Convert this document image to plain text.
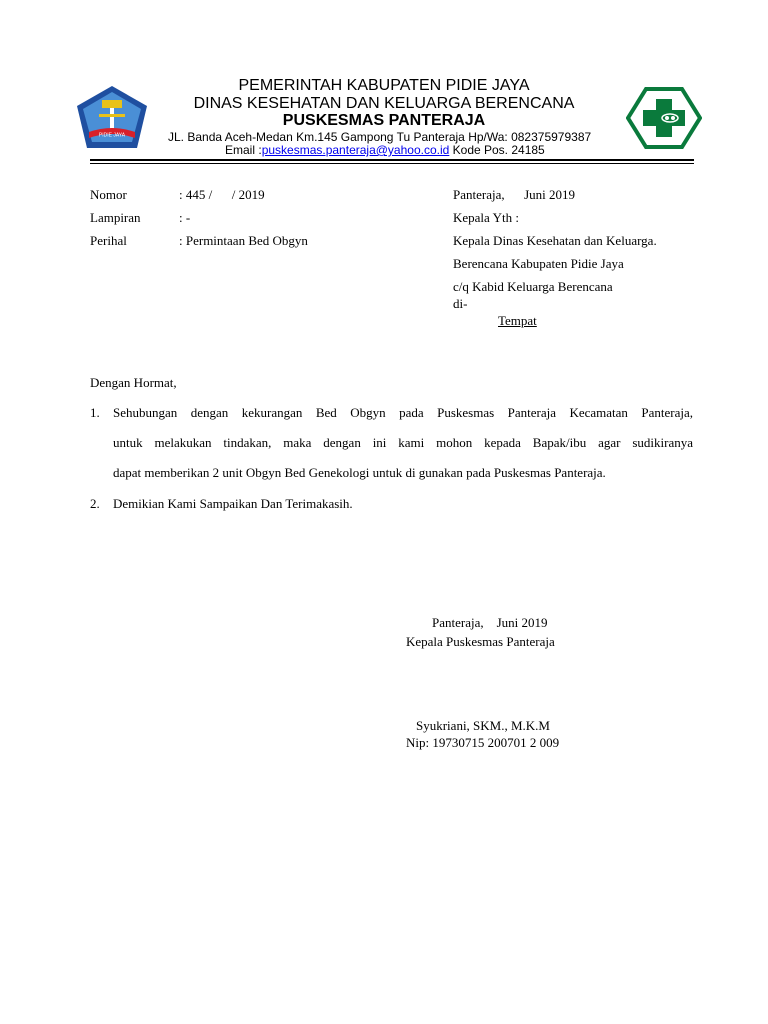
PIDIE JAYA
PEMERINTAH KABUPATEN PIDIE JAYA
DINAS KESEHATAN DAN KELUARGA BERENCANA
PUSKESMAS PANTERAJA
JL. Banda Aceh-Medan Km.145 Gampong Tu Panteraja Hp/Wa: 082375979387
Email :puskesmas.panteraja@yahoo.co.id Kode Pos. 24185
Nomor	: 445 /      / 2019
Lampiran	: -
Perihal	: Permintaan Bed Obgyn
Panteraja,      Juni 2019
Kepala Yth :
Kepala Dinas Kesehatan dan Keluarga.
Berencana Kabupaten Pidie Jaya
c/q Kabid Keluarga Berencana
di-
Tempat
Dengan Hormat,
1. Sehubungan dengan kekurangan Bed Obgyn pada Puskesmas Panteraja Kecamatan Panteraja,
untuk melakukan tindakan, maka dengan ini kami mohon kepada Bapak/ibu agar sudikiranya
dapat memberikan 2 unit Obgyn Bed Genekologi untuk di gunakan pada Puskesmas Panteraja.
2. Demikian Kami Sampaikan Dan Terimakasih.
Panteraja,    Juni 2019
Kepala Puskesmas Panteraja
Syukriani, SKM., M.K.M
Nip: 19730715 200701 2 009
